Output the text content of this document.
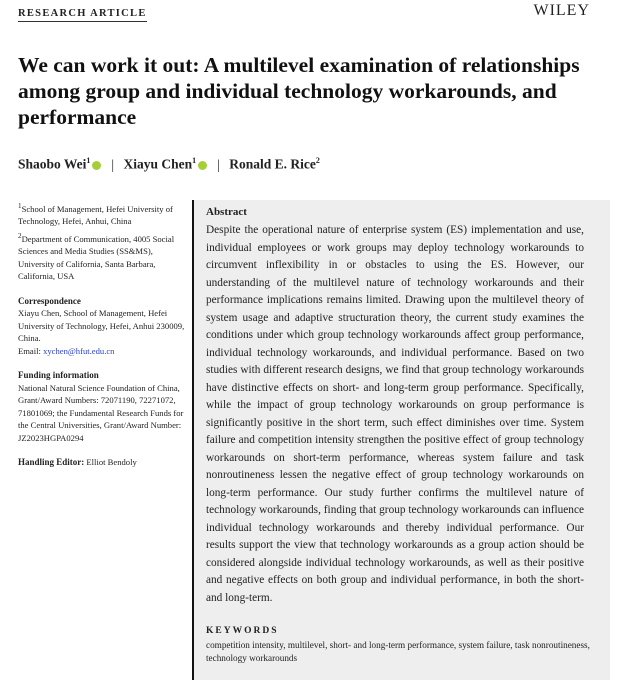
RESEARCH ARTICLE	WILEY
We can work it out: A multilevel examination of relationships among group and individual technology workarounds, and performance
Shaobo Wei$^1$ | Xiayu Chen$^1$ | Ronald E. Rice$^2$

$^1$School of Management, Hefei University of Technology, Hefei, Anhui, China

$^2$Department of Communication, 4005 Social Sciences and Media Studies (SS&MS), University of California, Santa Barbara, California, USA

Correspondence
Xiayu Chen, School of Management, Hefei University of Technology, Hefei, Anhui 230009, China.
Email: xychen@hfut.edu.cn

Funding information
National Natural Science Foundation of China, Grant/Award Numbers: 72071190, 72271072, 71801069; the Fundamental Research Funds for the Central Universities, Grant/Award Number: JZ2023HGPA0294

Handling Editor: Elliot Bendoly

Abstract
Despite the operational nature of enterprise system (ES) implementation and use, individual employees or work groups may deploy technology workarounds to circumvent inflexibility in or obstacles to using the ES. However, our understanding of the multilevel nature of technology workarounds and their performance implications remains limited. Drawing upon the multilevel theory of system usage and adaptive structuration theory, the current study examines the conditions under which group technology workarounds affect group performance, individual technology workarounds, and individual performance. Based on two studies with different research designs, we find that group technology workarounds have distinctive effects on short- and long-term group performance. Specifically, while the impact of group technology workarounds on group performance is significantly positive in the short term, such effect diminishes over time. System failure and competition intensity strengthen the positive effect of group technology workarounds on short-term performance, whereas system failure and task nonroutineness lessen the negative effect of group technology workarounds on long-term performance. Our study further confirms the multilevel nature of technology workarounds, finding that group technology workarounds can influence individual technology workarounds and thereby individual performance. Our results support the view that technology workarounds as a group action should be considered alongside individual technology workarounds, as well as their positive and negative effects on both group and individual performance, in both the short- and long-term.
KEYWORDS

competition intensity, multilevel, short- and long-term performance, system failure, task nonroutineness, technology workarounds
